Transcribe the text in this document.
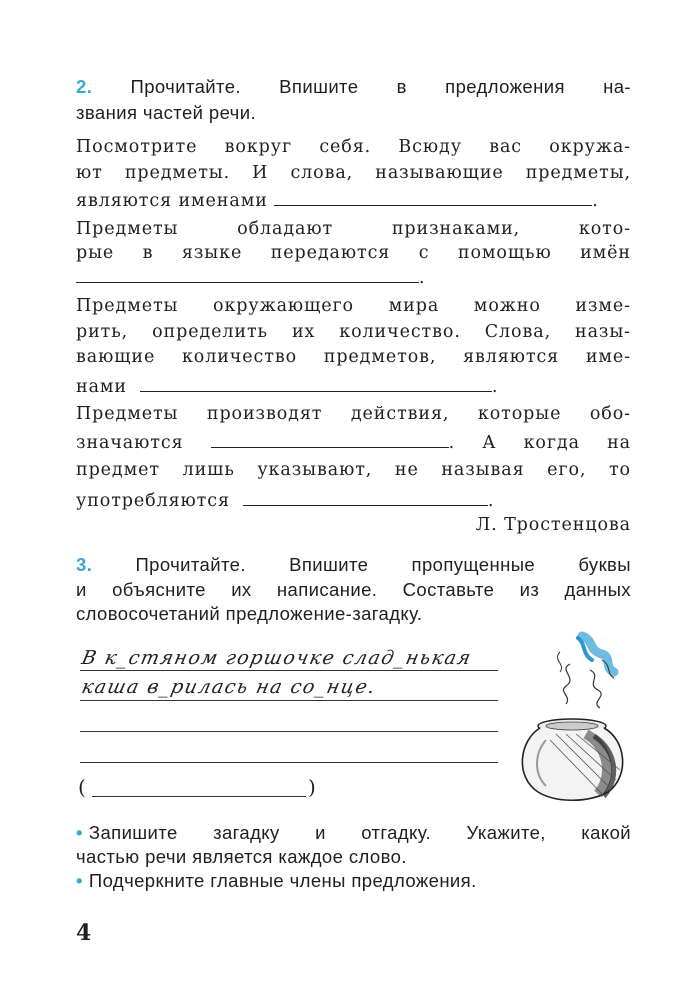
2. Прочитайте. Впишите в предложения на-
звания частей речи.
Посмотрите вокруг себя. Всюду вас окружа-
ют предметы. И слова, называющие предметы,
являются именами	.
Предметы обладают признаками, кото-
рые в языке передаются с помощью имён
.
Предметы окружающего мира можно изме-
рить, определить их количество. Слова, назы-
вающие количество предметов, являются име-
нами	.
Предметы производят действия, которые обо-
значаются	. А когда на
предмет лишь указывают, не называя его, то
употребляются	.
Л. Тростенцова
3. Прочитайте. Впишите пропущенные буквы
и объясните их написание. Составьте из данных
словосочетаний предложение-загадку.
В к_стяном горшочке слад_нькая
каша в_рилась на со_нце.
(	)
• Запишите загадку и отгадку. Укажите, какой
частью речи является каждое слово.
• Подчеркните главные члены предложения.
4
